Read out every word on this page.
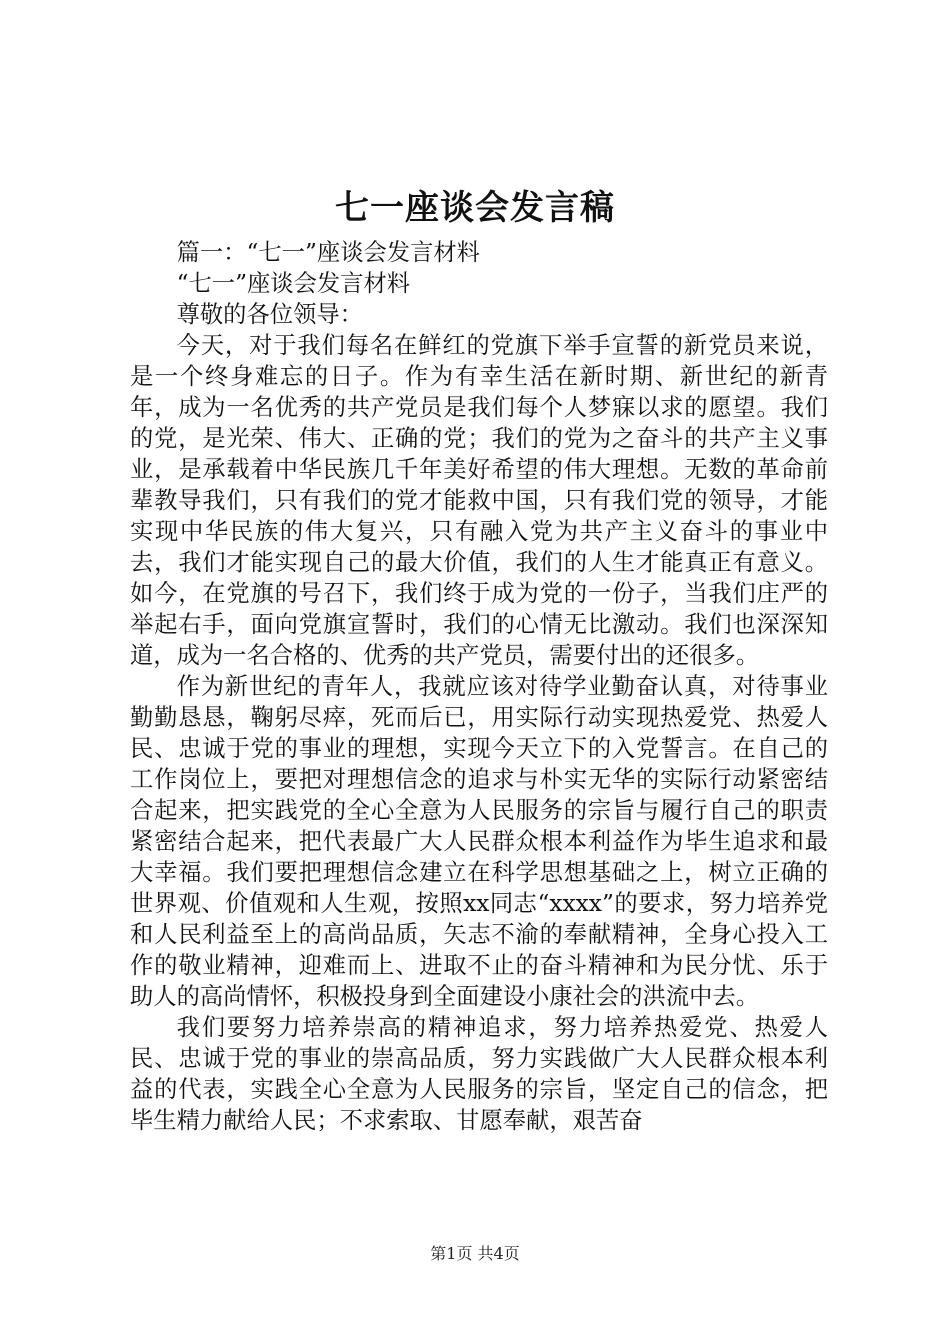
七一座谈会发言稿

篇一：“七一”座谈会发言材料

“七一”座谈会发言材料

尊敬的各位领导：

今天，对于我们每名在鲜红的党旗下举手宣誓的新党员来说，是一个终身难忘的日子。作为有幸生活在新时期、新世纪的新青年，成为一名优秀的共产党员是我们每个人梦寐以求的愿望。我们的党，是光荣、伟大、正确的党；我们的党为之奋斗的共产主义事业，是承载着中华民族几千年美好希望的伟大理想。无数的革命前辈教导我们，只有我们的党才能救中国，只有我们党的领导，才能实现中华民族的伟大复兴，只有融入党为共产主义奋斗的事业中去，我们才能实现自己的最大价值，我们的人生才能真正有意义。如今，在党旗的号召下，我们终于成为党的一份子，当我们庄严的举起右手，面向党旗宣誓时，我们的心情无比激动。我们也深深知道，成为一名合格的、优秀的共产党员，需要付出的还很多。

作为新世纪的青年人，我就应该对待学业勤奋认真，对待事业勤勤恳恳，鞠躬尽瘁，死而后已，用实际行动实现热爱党、热爱人民、忠诚于党的事业的理想，实现今天立下的入党誓言。在自己的工作岗位上，要把对理想信念的追求与朴实无华的实际行动紧密结合起来，把实践党的全心全意为人民服务的宗旨与履行自己的职责紧密结合起来，把代表最广大人民群众根本利益作为毕生追求和最大幸福。我们要把理想信念建立在科学思想基础之上，树立正确的世界观、价值观和人生观，按照xx同志“xxxx”的要求，努力培养党和人民利益至上的高尚品质，矢志不渝的奉献精神，全身心投入工作的敬业精神，迎难而上、进取不止的奋斗精神和为民分忧、乐于助人的高尚情怀，积极投身到全面建设小康社会的洪流中去。

我们要努力培养崇高的精神追求，努力培养热爱党、热爱人民、忠诚于党的事业的崇高品质，努力实践做广大人民群众根本利益的代表，实践全心全意为人民服务的宗旨，坚定自己的信念，把毕生精力献给人民；不求索取、甘愿奉献，艰苦奋

第1页 共4页
